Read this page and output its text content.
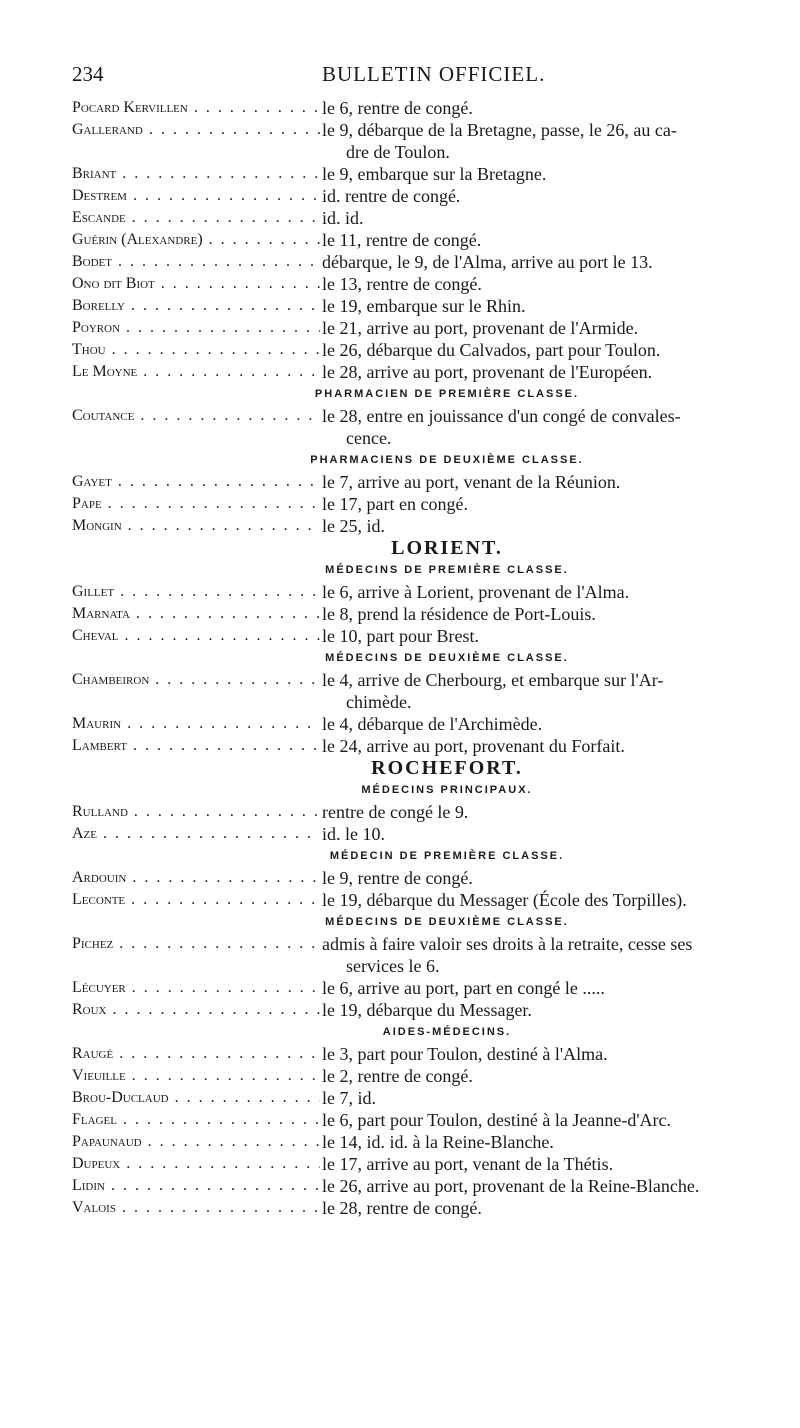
234	BULLETIN OFFICIEL.
Pocard Kervillen . . .	le 6, rentre de congé.
Gallerand . . .	le 9, débarque de la Bretagne, passe, le 26, au ca-
dre de Toulon.
Briant . . .	le 9, embarque sur la Bretagne.
Destrem . . .	id. rentre de congé.
Escande . . .	id. id.
Guérin (Alexandre) . . .	le 11, rentre de congé.
Bodet . . .	débarque, le 9, de l'Alma, arrive au port le 13.
Ono dit Biot . . .	le 13, rentre de congé.
Borelly . . .	le 19, embarque sur le Rhin.
Poyron . . .	le 21, arrive au port, provenant de l'Armide.
Thou . . .	le 26, débarque du Calvados, part pour Toulon.
Le Moyne . . .	le 28, arrive au port, provenant de l'Européen.
PHARMACIEN DE PREMIÈRE CLASSE.
Coutance . . .	le 28, entre en jouissance d'un congé de convales-
cence.
PHARMACIENS DE DEUXIÈME CLASSE.
Gayet . . .	le 7, arrive au port, venant de la Réunion.
Pape . . .	le 17, part en congé.
Mongin . . .	le 25, id.
LORIENT.
MÉDECINS DE PREMIÈRE CLASSE.
Gillet . . .	le 6, arrive à Lorient, provenant de l'Alma.
Marnata . . .	le 8, prend la résidence de Port-Louis.
Cheval . . .	le 10, part pour Brest.
MÉDECINS DE DEUXIÈME CLASSE.
Chambeiron . . .	le 4, arrive de Cherbourg, et embarque sur l'Ar-
chimède.
Maurin . . .	le 4, débarque de l'Archimède.
Lambert . . .	le 24, arrive au port, provenant du Forfait.
ROCHEFORT.
MÉDECINS PRINCIPAUX.
Rulland . . .	rentre de congé le 9.
Aze . . .	id. le 10.
MÉDECIN DE PREMIÈRE CLASSE.
Ardouin . . .	le 9, rentre de congé.
Leconte . . .	le 19, débarque du Messager (École des Torpilles).
MÉDECINS DE DEUXIÈME CLASSE.
Pichez . . .	admis à faire valoir ses droits à la retraite, cesse ses
services le 6.
Lécuyer . . .	le 6, arrive au port, part en congé le .....
Roux . . .	le 19, débarque du Messager.
AIDES-MÉDECINS.
Raugé . . .	le 3, part pour Toulon, destiné à l'Alma.
Vieuille . . .	le 2, rentre de congé.
Brou-Duclaud . . .	le 7, id.
Flagel . . .	le 6, part pour Toulon, destiné à la Jeanne-d'Arc.
Papaunaud . . .	le 14, id. id. à la Reine-Blanche.
Dupeux . . .	le 17, arrive au port, venant de la Thétis.
Lidin . . .	le 26, arrive au port, provenant de la Reine-Blanche.
Valois . . .	le 28, rentre de congé.
